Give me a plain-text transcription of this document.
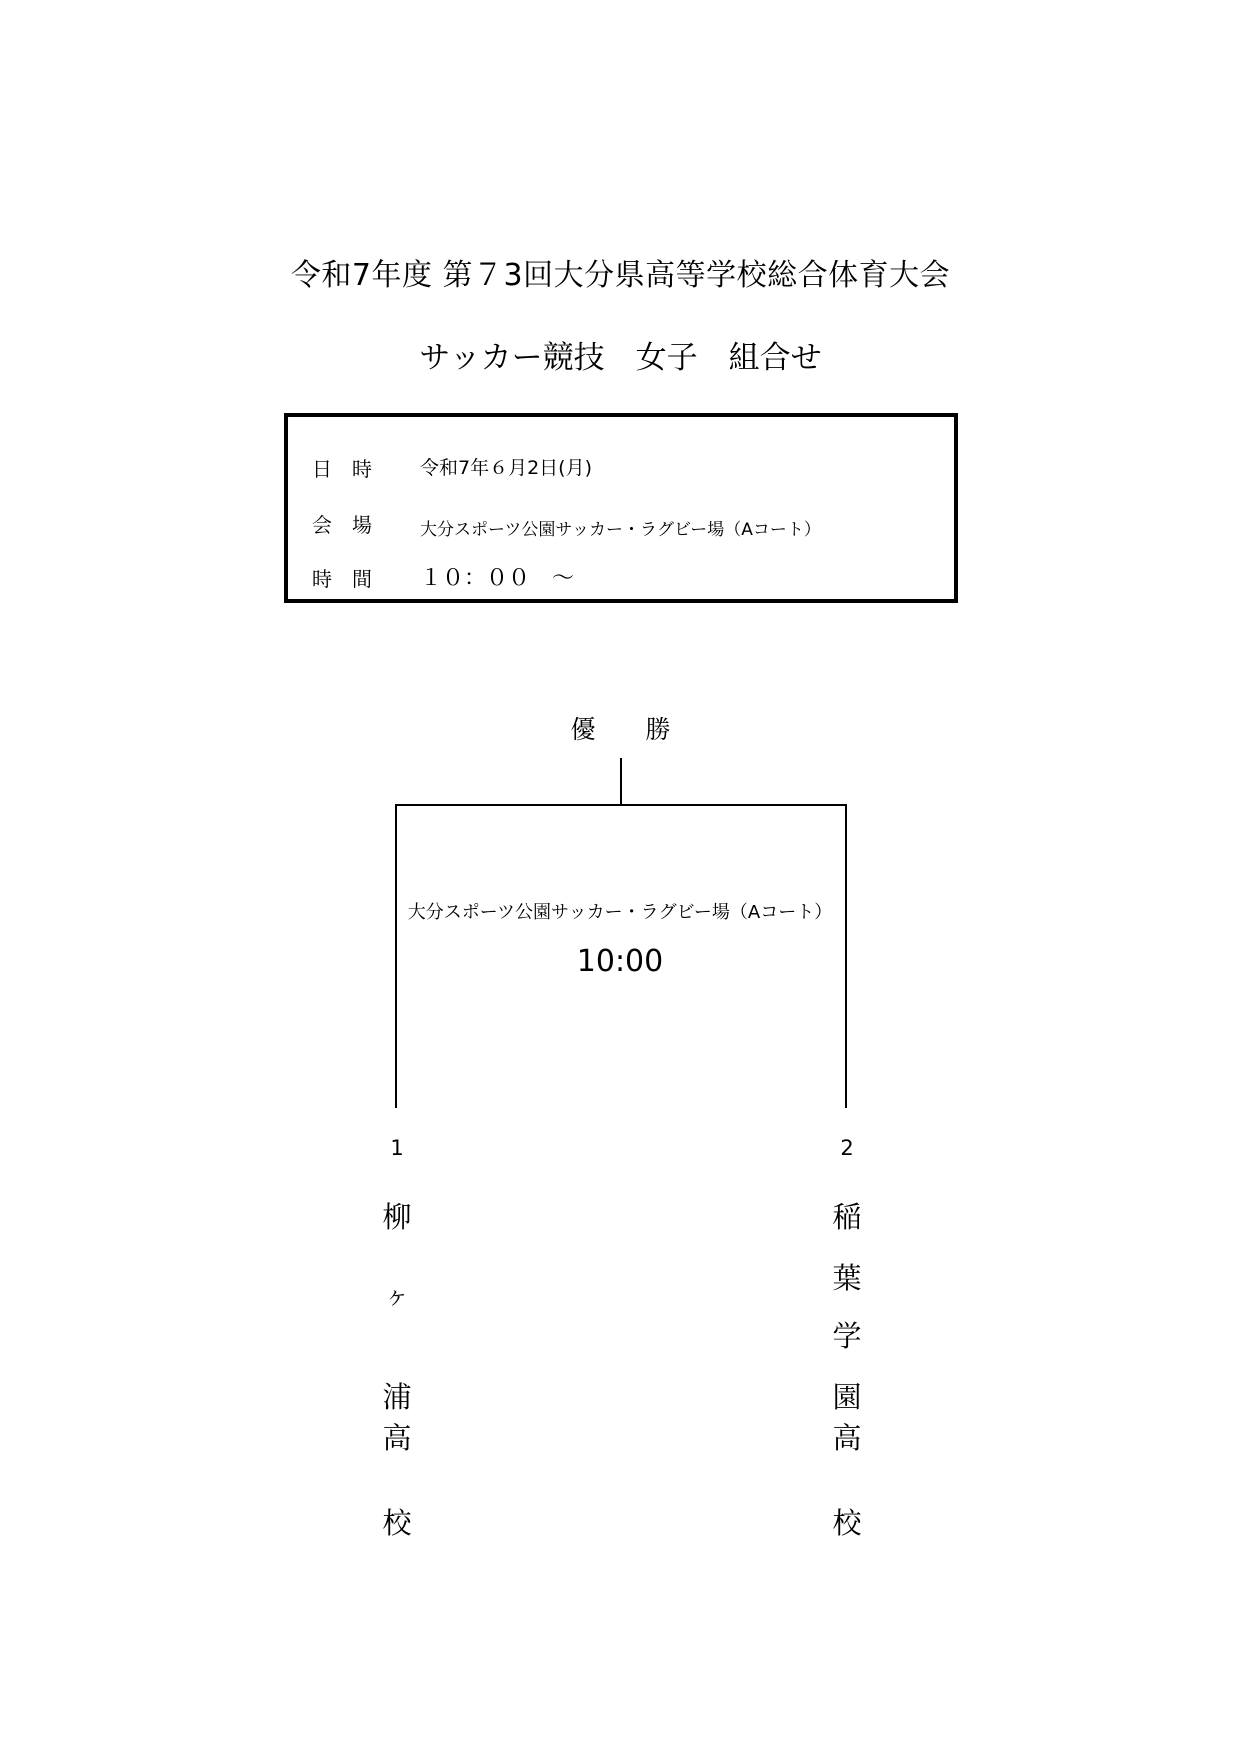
令和7年度 第７3回大分県高等学校総合体育大会
サッカー競技　女子　組合せ
日　時	令和7年６月2日(月)
会　場	大分スポーツ公園サッカー・ラグビー場（Aコート）
時　間	１０：００　～
優　　勝
大分スポーツ公園サッカー・ラグビー場（Aコート）
10:00
1
柳
ヶ
浦
高
校
2
稲
葉
学
園
高
校
